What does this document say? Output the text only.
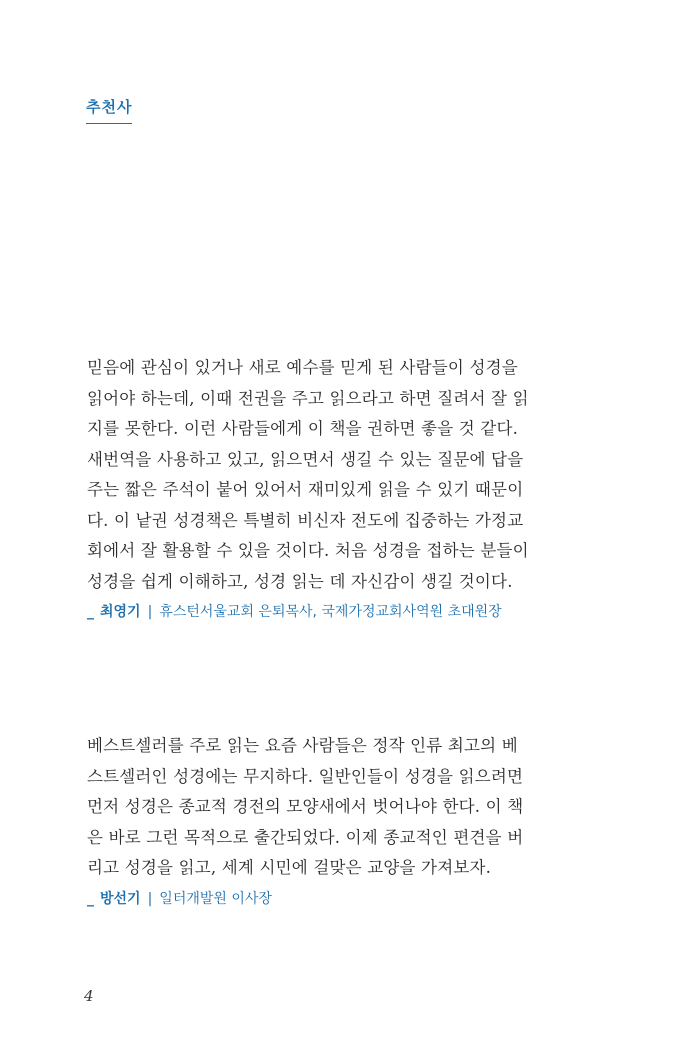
추천사

믿음에 관심이 있거나 새로 예수를 믿게 된 사람들이 성경을
읽어야 하는데, 이때 전권을 주고 읽으라고 하면 질려서 잘 읽
지를 못한다. 이런 사람들에게 이 책을 권하면 좋을 것 같다.
새번역을 사용하고 있고, 읽으면서 생길 수 있는 질문에 답을
주는 짧은 주석이 붙어 있어서 재미있게 읽을 수 있기 때문이
다. 이 낱권 성경책은 특별히 비신자 전도에 집중하는 가정교
회에서 잘 활용할 수 있을 것이다. 처음 성경을 접하는 분들이
성경을 쉽게 이해하고, 성경 읽는 데 자신감이 생길 것이다.

_ 최영기 | 휴스턴서울교회 은퇴목사, 국제가정교회사역원 초대원장

베스트셀러를 주로 읽는 요즘 사람들은 정작 인류 최고의 베
스트셀러인 성경에는 무지하다. 일반인들이 성경을 읽으려면
먼저 성경은 종교적 경전의 모양새에서 벗어나야 한다. 이 책
은 바로 그런 목적으로 출간되었다. 이제 종교적인 편견을 버
리고 성경을 읽고, 세계 시민에 걸맞은 교양을 가져보자.

_ 방선기 | 일터개발원 이사장
4
